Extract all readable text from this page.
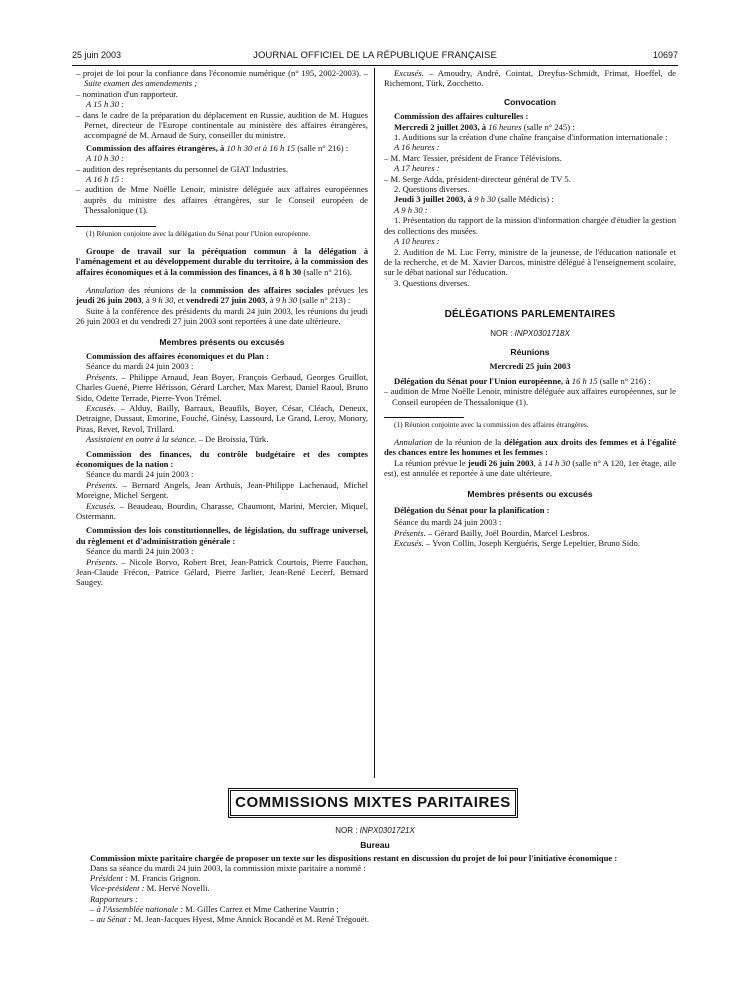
25 juin 2003	JOURNAL OFFICIEL DE LA RÉPUBLIQUE FRANÇAISE	10697

– projet de loi pour la confiance dans l'économie numérique (n° 195, 2002-2003). – Suite examen des amendements ;

– nomination d'un rapporteur.

A 15 h 30 :

– dans le cadre de la préparation du déplacement en Russie, audition de M. Hugues Pernet, directeur de l'Europe continentale au ministère des affaires étrangères, accompagné de M. Arnaud de Sury, conseiller du ministre.

Commission des affaires étrangères, à 10 h 30 et à 16 h 15 (salle n° 216) :

A 10 h 30 :

– audition des représentants du personnel de GIAT Industries.

A 16 h 15 :

– audition de Mme Noëlle Lenoir, ministre déléguée aux affaires européennes auprès du ministre des affaires étrangères, sur le Conseil européen de Thessalonique (1).

(1) Réunion conjointe avec la délégation du Sénat pour l'Union européenne.

Groupe de travail sur la péréquation commun à la délégation à l'aménagement et au développement durable du territoire, à la commission des affaires économiques et à la commission des finances, à 8 h 30 (salle n° 216).

Annulation des réunions de la commission des affaires sociales prévues les jeudi 26 juin 2003, à 9 h 30, et vendredi 27 juin 2003, à 9 h 30 (salle n° 213) :

Suite à la conférence des présidents du mardi 24 juin 2003, les réunions du jeudi 26 juin 2003 et du vendredi 27 juin 2003 sont reportées à une date ultérieure.

Membres présents ou excusés

Commission des affaires économiques et du Plan :

Séance du mardi 24 juin 2003 :

Présents. – Philippe Arnaud, Jean Boyer, François Gerbaud, Georges Gruillot, Charles Guené, Pierre Hérisson, Gérard Larcher, Max Marest, Daniel Raoul, Bruno Sido, Odette Terrade, Pierre-Yvon Trémel.

Excusés. – Alduy, Bailly, Barraux, Beaufils, Boyer, César, Cléach, Deneux, Detraigne, Dussaut, Emorine, Fouché, Ginésy, Lassourd, Le Grand, Leroy, Monory, Piras, Revet, Revol, Trillard.

Assistaient en outre à la séance. – De Broissia, Türk.

Commission des finances, du contrôle budgétaire et des comptes économiques de la nation :

Séance du mardi 24 juin 2003 :

Présents. – Bernard Angels, Jean Arthuis, Jean-Philippe Lachenaud, Michel Moreigne, Michel Sergent.

Excusés. – Beaudeau, Bourdin, Charasse, Chaumont, Marini, Mercier, Miquel, Ostermann.

Commission des lois constitutionnelles, de législation, du suffrage universel, du règlement et d'administration générale :

Séance du mardi 24 juin 2003 :

Présents. – Nicole Borvo, Robert Bret, Jean-Patrick Courtois, Pierre Fauchon, Jean-Claude Frécon, Patrice Gélard, Pierre Jarlier, Jean-René Lecerf, Bernard Saugey.

Excusés. – Amoudry, André, Cointat, Dreyfus-Schmidt, Frimat, Hoeffel, de Richemont, Türk, Zocchetto.

Convocation

Commission des affaires culturelles :

Mercredi 2 juillet 2003, à 16 heures (salle n° 245) :

1. Auditions sur la création d'une chaîne française d'information internationale :

A 16 heures :

– M. Marc Tessier, président de France Télévisions.

A 17 heures :

– M. Serge Adda, président-directeur général de TV 5.

2. Questions diverses.

Jeudi 3 juillet 2003, à 9 h 30 (salle Médicis) :

A 9 h 30 :

1. Présentation du rapport de la mission d'information chargée d'étudier la gestion des collections des musées.

A 10 heures :

2. Audition de M. Luc Ferry, ministre de la jeunesse, de l'éducation nationale et de la recherche, et de M. Xavier Darcos, ministre délégué à l'enseignement scolaire, sur le débat national sur l'éducation.

3. Questions diverses.

DÉLÉGATIONS PARLEMENTAIRES

NOR : INPX0301718X

Réunions

Mercredi 25 juin 2003

Délégation du Sénat pour l'Union européenne, à 16 h 15 (salle n° 216) :

– audition de Mme Noëlle Lenoir, ministre déléguée aux affaires européennes, sur le Conseil européen de Thessalonique (1).

(1) Réunion conjointe avec la commission des affaires étrangères.

Annulation de la réunion de la délégation aux droits des femmes et à l'égalité des chances entre les hommes et les femmes :

La réunion prévue le jeudi 26 juin 2003, à 14 h 30 (salle n° A 120, 1er étage, aile est), est annulée et reportée à une date ultérieure.

Membres présents ou excusés

Délégation du Sénat pour la planification :

Séance du mardi 24 juin 2003 :

Présents. – Gérard Bailly, Joël Bourdin, Marcel Lesbros.

Excusés. – Yvon Collin, Joseph Kerguéris, Serge Lepeltier, Bruno Sido.

COMMISSIONS MIXTES PARITAIRES

NOR : INPX0301721X

Bureau

Commission mixte paritaire chargée de proposer un texte sur les dispositions restant en discussion du projet de loi pour l'initiative économique :

Dans sa séance du mardi 24 juin 2003, la commission mixte paritaire a nommé :

Président : M. Francis Grignon.

Vice-président : M. Hervé Novelli.

Rapporteurs :

– à l'Assemblée nationale : M. Gilles Carrez et Mme Catherine Vautrin ;

– au Sénat : M. Jean-Jacques Hyest, Mme Annick Bocandé et M. René Trégouët.
